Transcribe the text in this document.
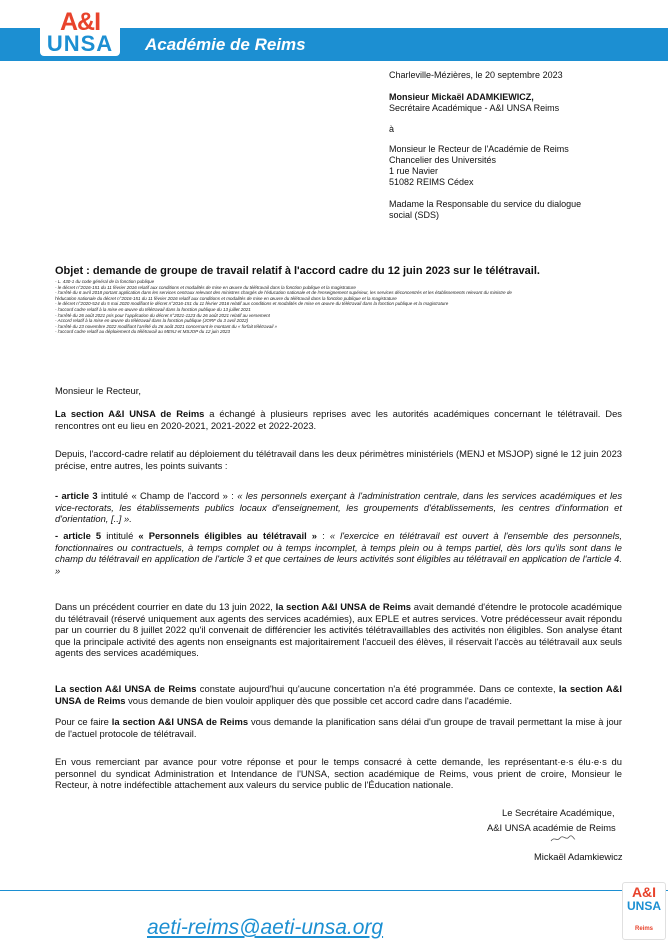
A&I
UNSA	Académie de Reims
Charleville-Mézières, le 20 septembre 2023
Monsieur Mickaël ADAMKIEWICZ,
Secrétaire Académique - A&I UNSA Reims
à
Monsieur le Recteur de l'Académie de Reims
Chancelier des Universités
1 rue Navier
51082 REIMS Cédex
Madame la Responsable du service du dialogue
social (SDS)
Objet : demande de groupe de travail relatif à l'accord cadre du 12 juin 2023 sur le télétravail.
- L. 430-1 du code général de la fonction publique
- le décret n°2016-151 du 11 février 2016 relatif aux conditions et modalités de mise en œuvre du télétravail dans la fonction publique et la magistrature
- l'arrêté du 6 avril 2018 portant application dans les services centraux relevant des ministres chargés de l'éducation nationale et de l'enseignement supérieur, les services déconcentrés et les établissements relevant du ministre de
l'éducation nationale du décret n°2016-151 du 11 février 2016 relatif aux conditions et modalités de mise en œuvre du télétravail dans la fonction publique et la magistrature
- le décret n°2020-524 du 5 mai 2020 modifiant le décret n°2016-151 du 11 février 2016 relatif aux conditions et modalités de mise en œuvre du télétravail dans la fonction publique et la magistrature
- l'accord cadre relatif à la mise en œuvre du télétravail dans la fonction publique du 13 juillet 2021
- l'arrêté du 26 août 2021 pris pour l'application du décret n°2021-1123 du 26 août 2021 relatif au versement
- Accord relatif à la mise en œuvre du télétravail dans la fonction publique (JORF du 3 avril 2022)
- l'arrêté du 23 novembre 2022 modifiant l'arrêté du 26 août 2021 concernant le montant du « forfait télétravail »
- l'accord cadre relatif au déploiement du télétravail au MENJ et MSJOP du 12 juin 2023
Monsieur le Recteur,
La section A&I UNSA de Reims a échangé à plusieurs reprises avec les autorités académiques concernant le télétravail. Des rencontres ont eu lieu en 2020-2021, 2021-2022 et 2022-2023.
Depuis, l'accord-cadre relatif au déploiement du télétravail dans les deux périmètres ministériels (MENJ et MSJOP) signé le 12 juin 2023 précise, entre autres, les points suivants :
- article 3 intitulé « Champ de l'accord » : « les personnels exerçant à l'administration centrale, dans les services académiques et les vice-rectorats, les établissements publics locaux d'enseignement, les groupements d'établissements, les centres d'information et d'orientation, [..] ».
- article 5 intitulé « Personnels éligibles au télétravail » : « l'exercice en télétravail est ouvert à l'ensemble des personnels, fonctionnaires ou contractuels, à temps complet ou à temps incomplet, à temps plein ou à temps partiel, dès lors qu'ils sont dans le champ du télétravail en application de l'article 3 et que certaines de leurs activités sont éligibles au télétravail en application de l'article 4. »
Dans un précédent courrier en date du 13 juin 2022, la section A&I UNSA de Reims avait demandé d'étendre le protocole académique du télétravail (réservé uniquement aux agents des services académies), aux EPLE et autres services. Votre prédécesseur avait répondu par un courrier du 8 juillet 2022 qu'il convenait de différencier les activités télétravaillables des activités non éligibles. Son analyse étant que la principale activité des agents non enseignants est majoritairement l'accueil des élèves, il réservait l'accès au télétravail aux seuls agents des services académiques.
La section A&I UNSA de Reims constate aujourd'hui qu'aucune concertation n'a été programmée. Dans ce contexte, la section A&I UNSA de Reims vous demande de bien vouloir appliquer dès que possible cet accord cadre dans l'académie.
Pour ce faire la section A&I UNSA de Reims vous demande la planification sans délai d'un groupe de travail permettant la mise à jour de l'actuel protocole de télétravail.
En vous remerciant par avance pour votre réponse et pour le temps consacré à cette demande, les représentant·e·s élu·e·s du personnel du syndicat Administration et Intendance de l'UNSA, section académique de Reims, vous prient de croire, Monsieur le Recteur, à notre indéfectible attachement aux valeurs du service public de l'Éducation nationale.
Le Secrétaire Académique,
A&I UNSA académie de Reims
Mickaël Adamkiewicz
aeti-reims@aeti-unsa.org
A&I
UNSA
Reims
